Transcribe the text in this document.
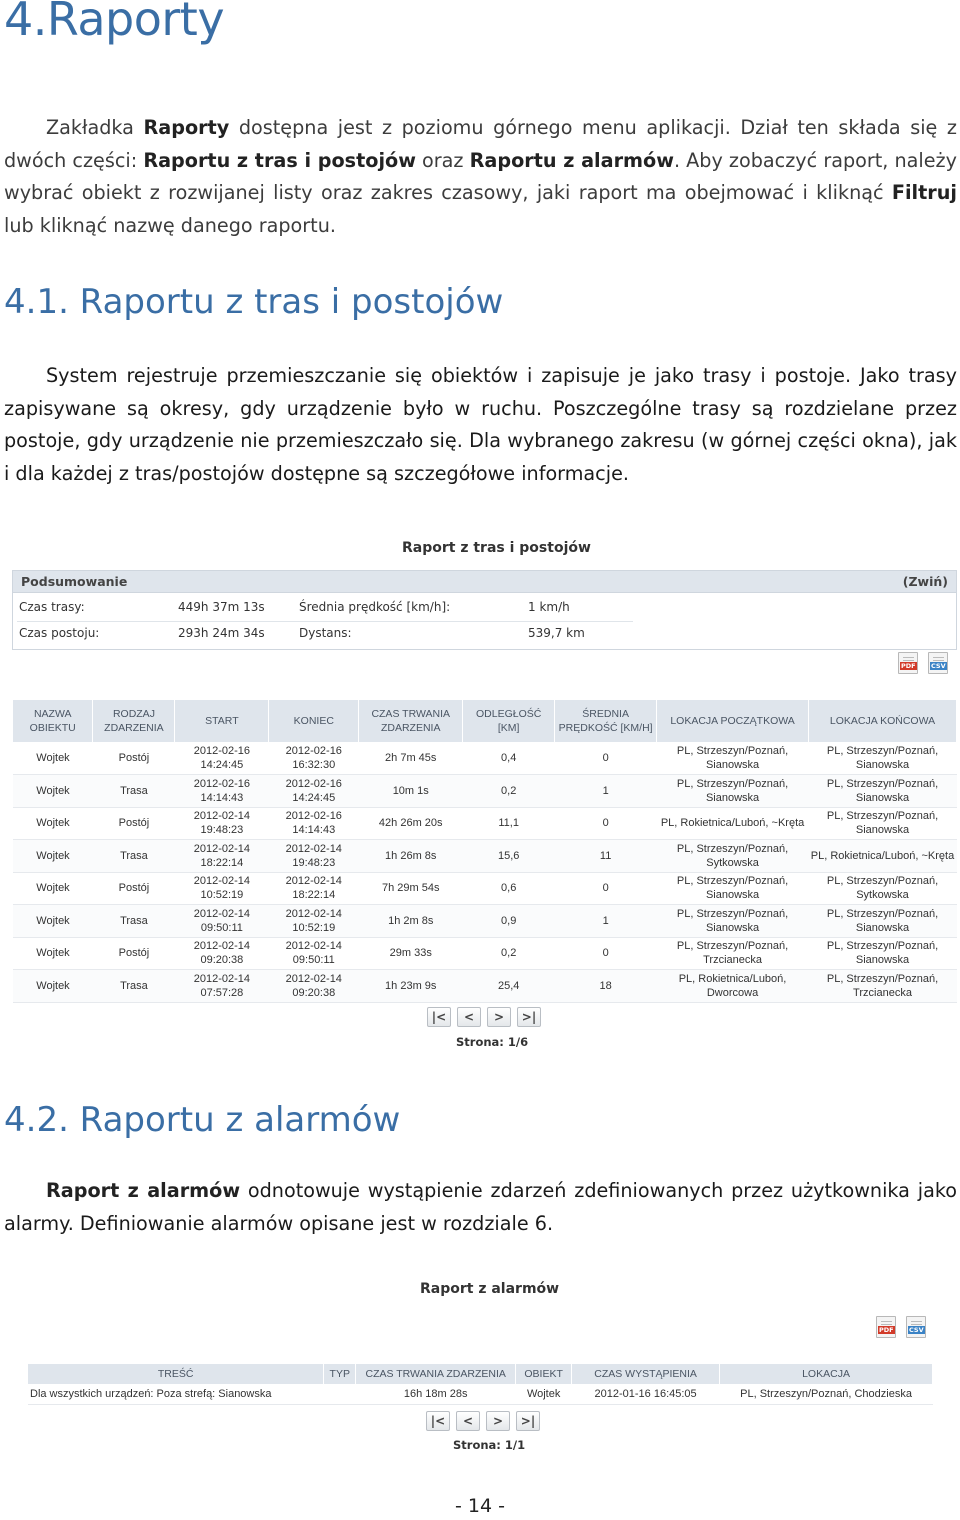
4.Raporty
Zakładka Raporty dostępna jest z poziomu górnego menu aplikacji. Dział ten składa się z dwóch części: Raportu z tras i postojów oraz Raportu z alarmów. Aby zobaczyć raport, należy wybrać obiekt z rozwijanej listy oraz zakres czasowy, jaki raport ma obejmować i kliknąć Filtruj lub kliknąć nazwę danego raportu.
4.1. Raportu z tras i postojów
System rejestruje przemieszczanie się obiektów i zapisuje je jako trasy i postoje. Jako trasy zapisywane są okresy, gdy urządzenie było w ruchu. Poszczególne trasy są rozdzielane przez postoje, gdy urządzenie nie przemieszczało się. Dla wybranego zakresu (w górnej części okna), jak i dla każdej z tras/postojów dostępne są szczegółowe informacje.
Raport z tras i postojów
Podsumowanie	(Zwiń)
Czas trasy:	449h 37m 13s	Średnia prędkość [km/h]:	1 km/h
Czas postoju:	293h 24m 34s	Dystans:	539,7 km
PDF CSV
NAZWA OBIEKTU	RODZAJ ZDARZENIA	START	KONIEC	CZAS TRWANIA ZDARZENIA	ODLEGŁOŚĆ [KM]	ŚREDNIA PRĘDKOŚĆ [KM/H]	LOKACJA POCZĄTKOWA	LOKACJA KOŃCOWA
Wojtek	Postój	2012-02-16 14:24:45	2012-02-16 16:32:30	2h 7m 45s	0,4	0	PL, Strzeszyn/Poznań, Sianowska	PL, Strzeszyn/Poznań, Sianowska
Wojtek	Trasa	2012-02-16 14:14:43	2012-02-16 14:24:45	10m 1s	0,2	1	PL, Strzeszyn/Poznań, Sianowska	PL, Strzeszyn/Poznań, Sianowska
Wojtek	Postój	2012-02-14 19:48:23	2012-02-16 14:14:43	42h 26m 20s	11,1	0	PL, Rokietnica/Luboń, ~Kręta	PL, Strzeszyn/Poznań, Sianowska
Wojtek	Trasa	2012-02-14 18:22:14	2012-02-14 19:48:23	1h 26m 8s	15,6	11	PL, Strzeszyn/Poznań, Sytkowska	PL, Rokietnica/Luboń, ~Kręta
Wojtek	Postój	2012-02-14 10:52:19	2012-02-14 18:22:14	7h 29m 54s	0,6	0	PL, Strzeszyn/Poznań, Sianowska	PL, Strzeszyn/Poznań, Sytkowska
Wojtek	Trasa	2012-02-14 09:50:11	2012-02-14 10:52:19	1h 2m 8s	0,9	1	PL, Strzeszyn/Poznań, Sianowska	PL, Strzeszyn/Poznań, Sianowska
Wojtek	Postój	2012-02-14 09:20:38	2012-02-14 09:50:11	29m 33s	0,2	0	PL, Strzeszyn/Poznań, Trzcianecka	PL, Strzeszyn/Poznań, Sianowska
Wojtek	Trasa	2012-02-14 07:57:28	2012-02-14 09:20:38	1h 23m 9s	25,4	18	PL, Rokietnica/Luboń, Dworcowa	PL, Strzeszyn/Poznań, Trzcianecka
|<	<	>	>|
Strona: 1/6
4.2. Raportu z alarmów
Raport z alarmów odnotowuje wystąpienie zdarzeń zdefiniowanych przez użytkownika jako alarmy. Definiowanie alarmów opisane jest w rozdziale 6.
Raport z alarmów
PDF CSV
TREŚĆ	TYP	CZAS TRWANIA ZDARZENIA	OBIEKT	CZAS WYSTĄPIENIA	LOKACJA
Dla wszystkich urządzeń: Poza strefą: Sianowska		16h 18m 28s	Wojtek	2012-01-16 16:45:05	PL, Strzeszyn/Poznań, Chodzieska
|<	<	>	>|
Strona: 1/1
- 14 -
